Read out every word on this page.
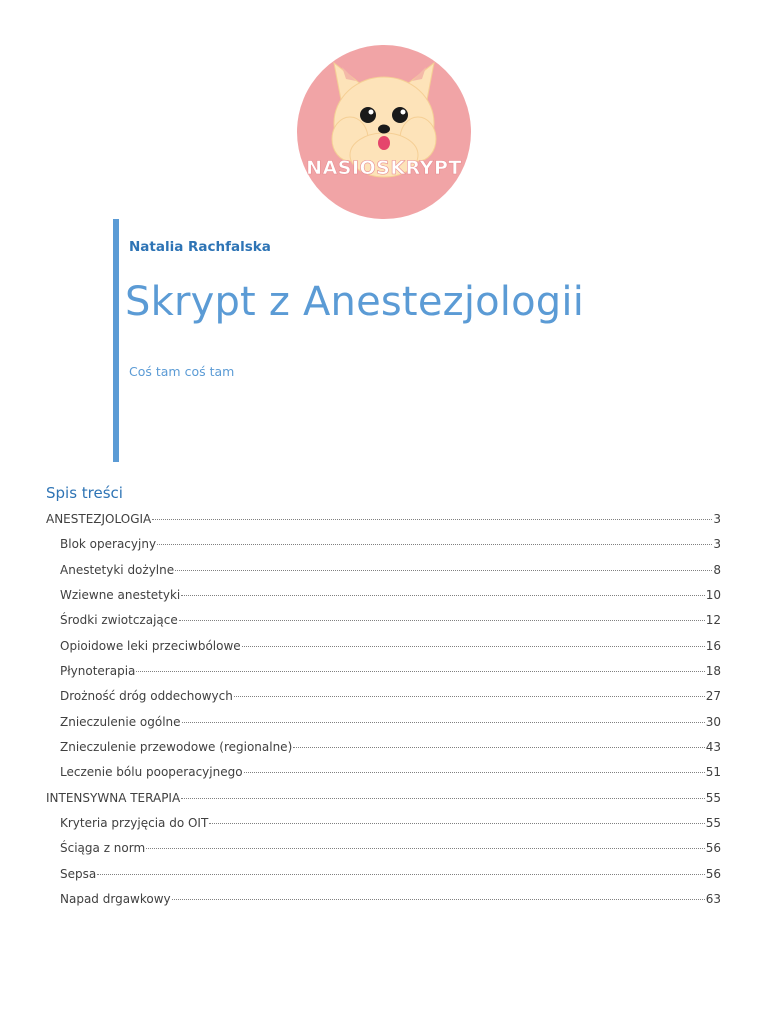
NASIOSKRYPT
Natalia Rachfalska
Skrypt z Anestezjologii
Coś tam coś tam
Spis treści
ANESTEZJOLOGIA	3
Blok operacyjny	3
Anestetyki dożylne	8
Wziewne anestetyki	10
Środki zwiotczające	12
Opioidowe leki przeciwbólowe	16
Płynoterapia	18
Drożność dróg oddechowych	27
Znieczulenie ogólne	30
Znieczulenie przewodowe (regionalne)	43
Leczenie bólu pooperacyjnego	51
INTENSYWNA TERAPIA	55
Kryteria przyjęcia do OIT	55
Ściąga z norm	56
Sepsa	56
Napad drgawkowy	63
